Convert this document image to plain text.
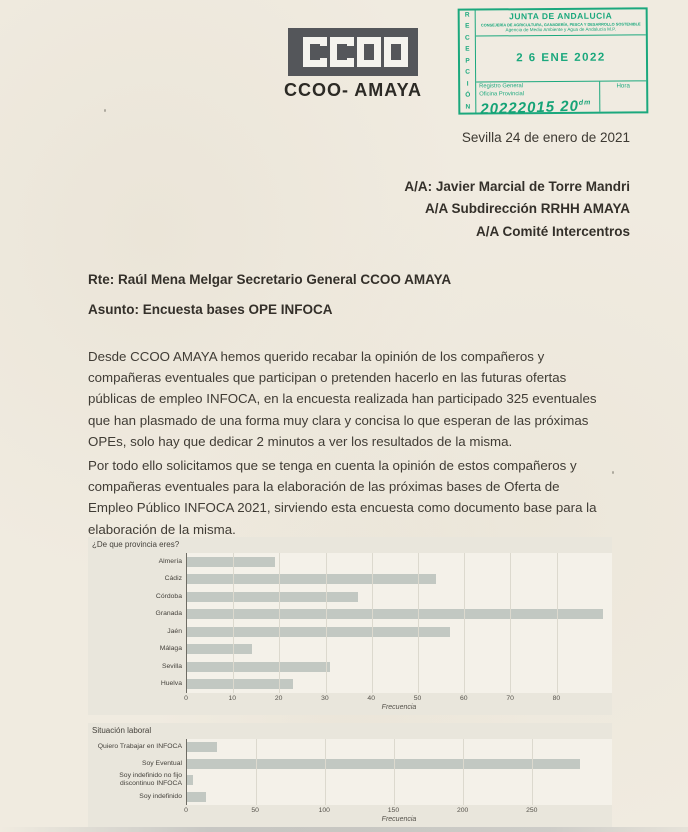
CCOO- AMAYA
R
E
C
E
P
C
I
Ó
N
JUNTA DE ANDALUCIA
CONSEJERÍA DE AGRICULTURA, GANADERÍA, PESCA Y DESARROLLO SOSTENIBLE
Agencia de Medio Ambiente y Agua de Andalucía M.P.
2 6 ENE 2022
Registro General
Oficina Provincial
Hora
20222015 $20^{dm}$
Sevilla 24 de enero de 2021
A/A: Javier Marcial de Torre Mandri
A/A Subdirección RRHH AMAYA
A/A Comité Intercentros
Rte: Raúl Mena Melgar Secretario General CCOO AMAYA
Asunto: Encuesta bases OPE INFOCA

Desde CCOO AMAYA hemos querido recabar la opinión de los compañeros y compañeras eventuales que participan o pretenden hacerlo en las futuras ofertas públicas de empleo INFOCA, en la encuesta realizada han participado 325 eventuales que han plasmado de una forma muy clara y concisa lo que esperan de las próximas OPEs, solo hay que dedicar 2 minutos a ver los resultados de la misma.

Por todo ello solicitamos que se tenga en cuenta la opinión de estos compañeros y compañeras eventuales para la elaboración de las próximas bases de Oferta de Empleo Público INFOCA 2021, sirviendo esta encuesta como documento base para la elaboración de la misma.

¿De que provincia eres?
Almería
Cádiz
Córdoba
Granada
Jaén
Málaga
Sevilla
Huelva
0	10	20	30	40	50	60	70	80
Frecuencia
Situación laboral
Quiero Trabajar en INFOCA
Soy Eventual
Soy indefinido no fijo discontinuo INFOCA
Soy indefinido
0	50	100	150	200	250
Frecuencia
